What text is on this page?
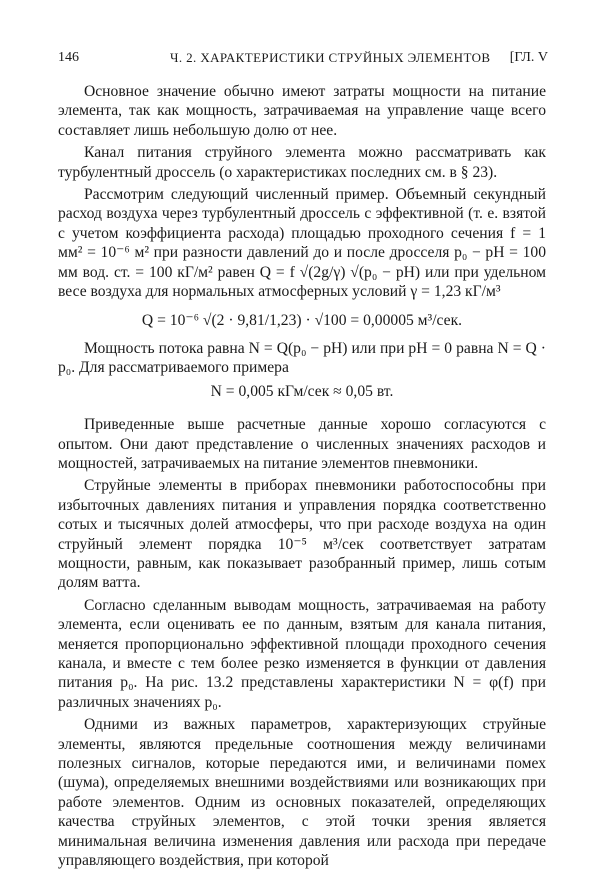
146	Ч. 2. ХАРАКТЕРИСТИКИ СТРУЙНЫХ ЭЛЕМЕНТОВ [ГЛ. V

Основное значение обычно имеют затраты мощности на питание элемента, так как мощность, затрачиваемая на управление чаще всего составляет лишь небольшую долю от нее.

Канал питания струйного элемента можно рассматривать как турбулентный дроссель (о характеристиках последних см. в § 23).

Рассмотрим следующий численный пример. Объемный секундный расход воздуха через турбулентный дроссель с эффективной (т. е. взятой с учетом коэффициента расхода) площадью проходного сечения f = 1 мм² = 10⁻⁶ м² при разности давлений до и после дросселя p₀ − pН = 100 мм вод. ст. = 100 кГ/м² равен Q = f √(2g/γ) √(p₀ − pН) или при удельном весе воздуха для нормальных атмосферных условий γ = 1,23 кГ/м³

Q = 10⁻⁶ √(2 · 9,81/1,23) · √100 = 0,00005 м³/сек.

Мощность потока равна N = Q(p₀ − pН) или при pН = 0 равна N = Q · p₀. Для рассматриваемого примера

N = 0,005 кГм/сек ≈ 0,05 вт.

Приведенные выше расчетные данные хорошо согласуются с опытом. Они дают представление о численных значениях расходов и мощностей, затрачиваемых на питание элементов пневмоники.

Струйные элементы в приборах пневмоники работоспособны при избыточных давлениях питания и управления порядка соответственно сотых и тысячных долей атмосферы, что при расходе воздуха на один струйный элемент порядка 10⁻⁵ м³/сек соответствует затратам мощности, равным, как показывает разобранный пример, лишь сотым долям ватта.

Согласно сделанным выводам мощность, затрачиваемая на работу элемента, если оценивать ее по данным, взятым для канала питания, меняется пропорционально эффективной площади проходного сечения канала, и вместе с тем более резко изменяется в функции от давления питания p₀. На рис. 13.2 представлены характеристики N = φ(f) при различных значениях p₀.

Одними из важных параметров, характеризующих струйные элементы, являются предельные соотношения между величинами полезных сигналов, которые передаются ими, и величинами помех (шума), определяемых внешними воздействиями или возникающих при работе элементов. Одним из основных показателей, определяющих качества струйных элементов, с этой точки зрения является минимальная величина изменения давления или расхода при передаче управляющего воздействия, при которой
